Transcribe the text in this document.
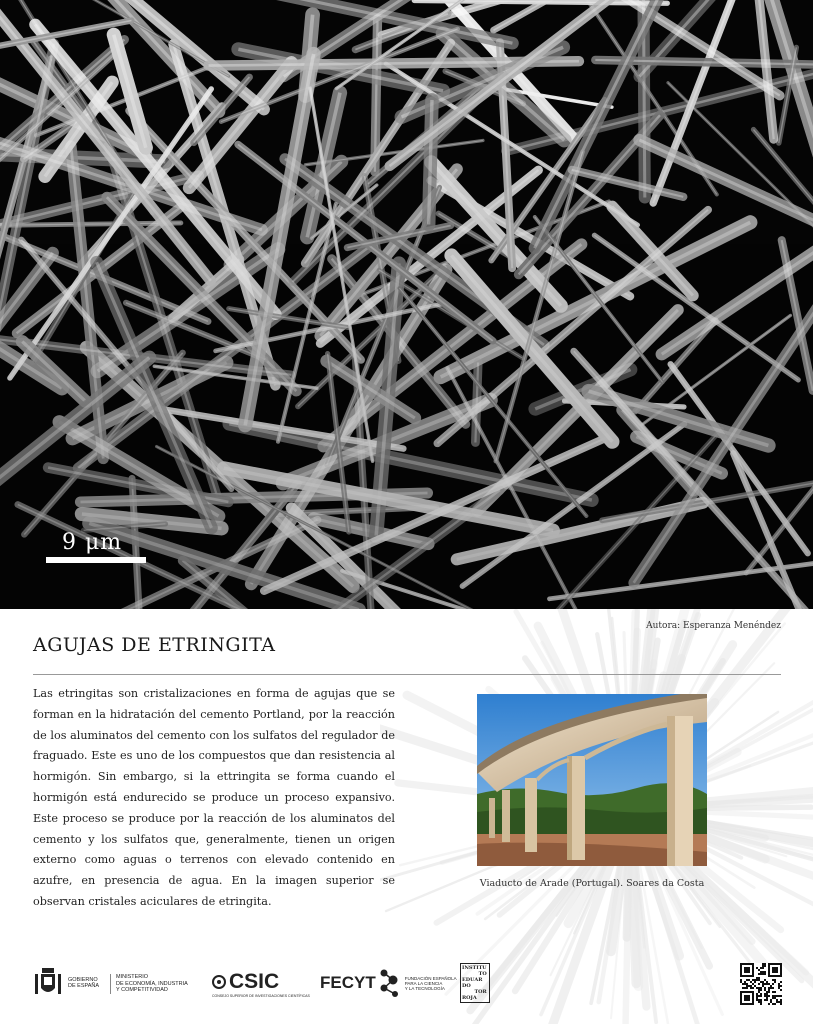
9 μm
Autora: Esperanza Menéndez
AGUJAS DE ETRINGITA

Las etringitas son cristalizaciones en forma de agujas que se forman en la hidratación del cemento Portland, por la reacción de los aluminatos del cemento con los sulfatos del regulador de fraguado. Este es uno de los compuestos que dan resistencia al hormigón. Sin embargo, si la ettringita se forma cuando el hormigón está endurecido se produce un proceso expansivo. Este proceso se produce por la reacción de los aluminatos del cemento y los sulfatos que, generalmente, tienen un origen externo como aguas o terrenos con elevado contenido en azufre, en presencia de agua. En la imagen superior se observan cristales aciculares de etringita.

Viaducto de Arade (Portugal). Soares da Costa
GOBIERNO
DE ESPAÑA
MINISTERIO
DE ECONOMÍA, INDUSTRIA
Y COMPETITIVIDAD	CSIC
CONSEJO SUPERIOR DE INVESTIGACIONES CIENTÍFICAS
FECYT	FUNDACIÓN ESPAÑOLA
PARA LA CIENCIA
Y LA TECNOLOGÍA
INSTITU
TO
EDUAR
DO
TOR
ROJA
